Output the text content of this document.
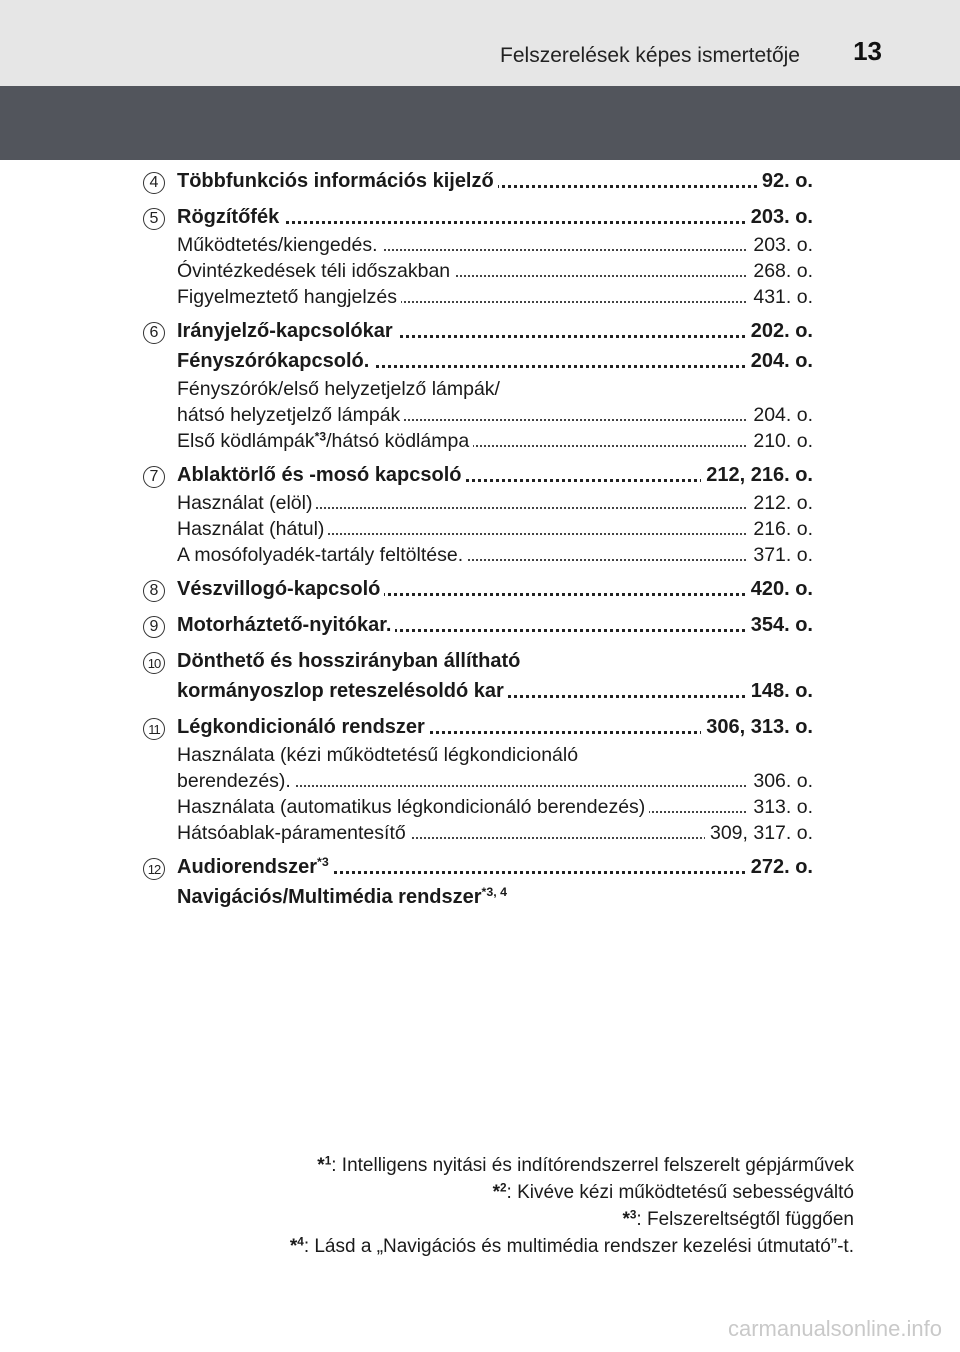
Felszerelések képes ismertetője 13
4 Többfunkciós információs kijelző	92. o.
5 Rögzítőfék	203. o.
Működtetés/kiengedés.	203. o.
Óvintézkedések téli időszakban	268. o.
Figyelmeztető hangjelzés	431. o.
6 Irányjelző-kapcsolókar	202. o.
Fényszórókapcsoló.	204. o.
Fényszórók/első helyzetjelző lámpák/
hátsó helyzetjelző lámpák	204. o.
Első ködlámpák$^{*3}$/hátsó ködlámpa	210. o.
7 Ablaktörlő és -mosó kapcsoló	212, 216. o.
Használat (elöl)	212. o.
Használat (hátul)	216. o.
A mosófolyadék-tartály feltöltése.	371. o.
8 Vészvillogó-kapcsoló	420. o.
9 Motorháztető-nyitókar.	354. o.
10 Dönthető és hosszirányban állítható
kormányoszlop reteszelésoldó kar	148. o.
11 Légkondicionáló rendszer	306, 313. o.
Használata (kézi működtetésű légkondicionáló
berendezés).	306. o.
Használata (automatikus légkondicionáló berendezés)	313. o.
Hátsóablak-páramentesítő	309, 317. o.
12 Audiorendszer$^{*3}$	272. o.
Navigációs/Multimédia rendszer$^{*3, 4}$
*$^1$: Intelligens nyitási és indítórendszerrel felszerelt gépjárművek
*$^2$: Kivéve kézi működtetésű sebességváltó
*$^3$: Felszereltségtől függően
*$^4$: Lásd a „Navigációs és multimédia rendszer kezelési útmutató”-t.
carmanualsonline.info
